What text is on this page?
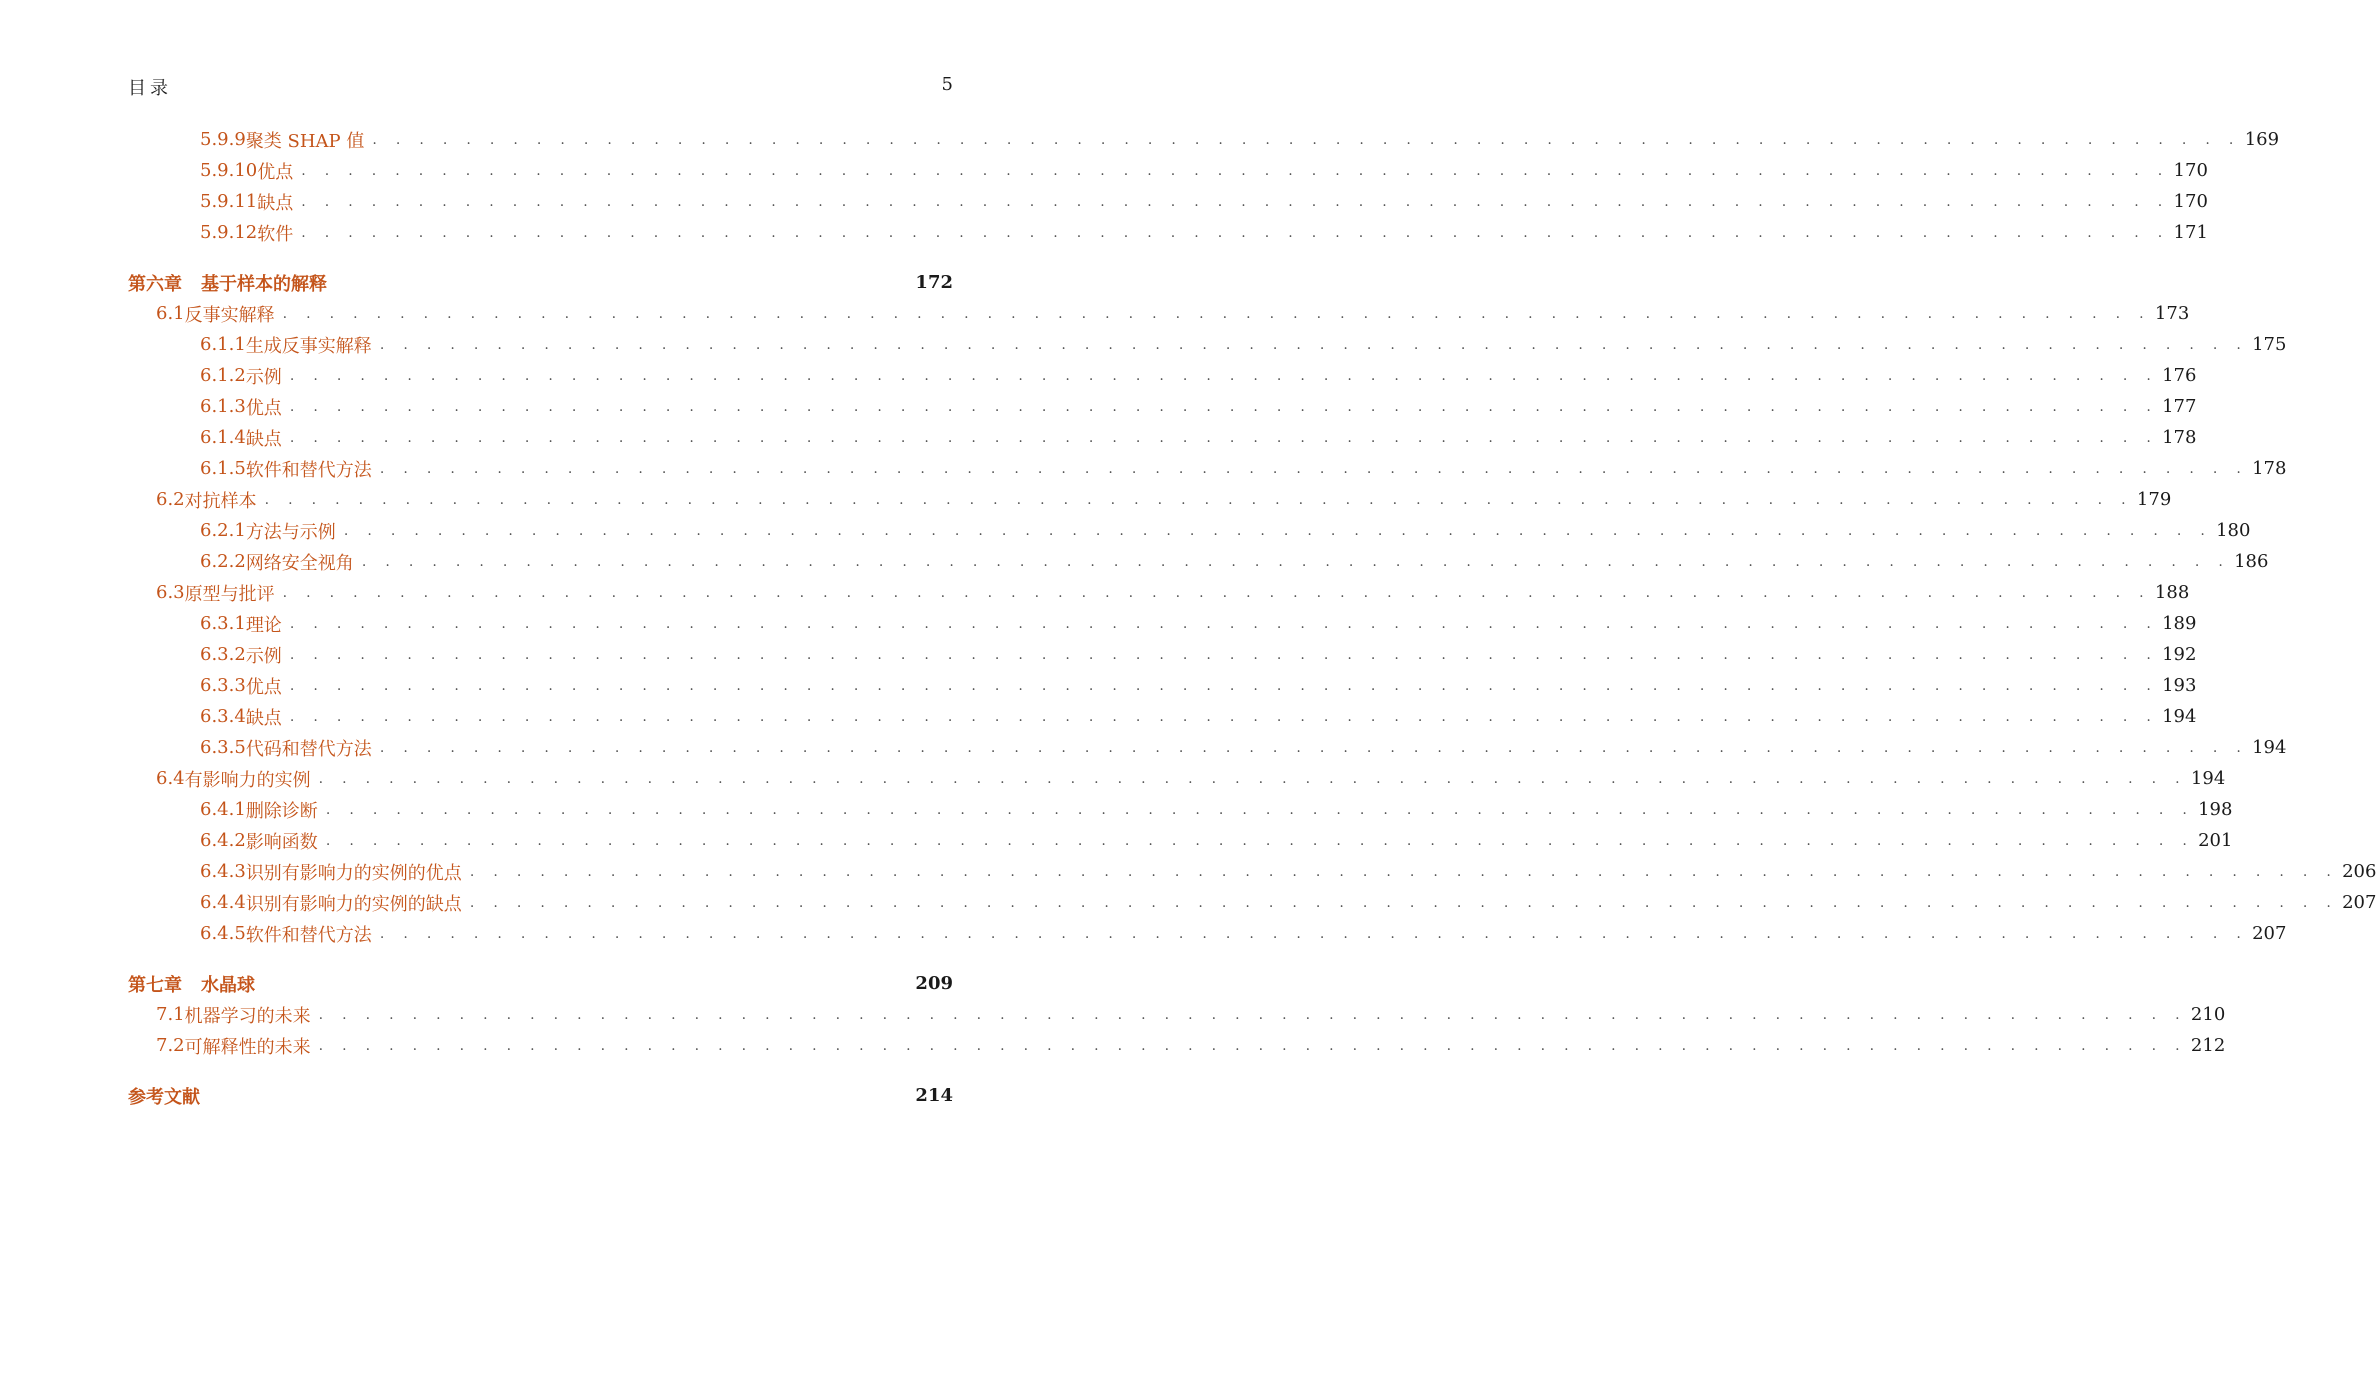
目录	5
5.9.9 聚类 SHAP 值 . . . . . . . . . . . . . . . . . . . . . . . . . . . . . . . . . . . . . . . . . . . . . . . . . . . . . . . . . . . . . . . . . . . . . . . . . . . . . . . . 169
5.9.10 优点 . . . . . . . . . . . . . . . . . . . . . . . . . . . . . . . . . . . . . . . . . . . . . . . . . . . . . . . . . . . . . . . . . . . . . . . . . . . . . . . . 170
5.9.11 缺点 . . . . . . . . . . . . . . . . . . . . . . . . . . . . . . . . . . . . . . . . . . . . . . . . . . . . . . . . . . . . . . . . . . . . . . . . . . . . . . . . 170
5.9.12 软件 . . . . . . . . . . . . . . . . . . . . . . . . . . . . . . . . . . . . . . . . . . . . . . . . . . . . . . . . . . . . . . . . . . . . . . . . . . . . . . . . 171
第六章	基于样本的解释	172
6.1 反事实解释 . . . . . . . . . . . . . . . . . . . . . . . . . . . . . . . . . . . . . . . . . . . . . . . . . . . . . . . . . . . . . . . . . . . . . . . . . . . . . . . . 173
6.1.1 生成反事实解释 . . . . . . . . . . . . . . . . . . . . . . . . . . . . . . . . . . . . . . . . . . . . . . . . . . . . . . . . . . . . . . . . . . . . . . . . . . . . . . . . 175
6.1.2 示例 . . . . . . . . . . . . . . . . . . . . . . . . . . . . . . . . . . . . . . . . . . . . . . . . . . . . . . . . . . . . . . . . . . . . . . . . . . . . . . . . 176
6.1.3 优点 . . . . . . . . . . . . . . . . . . . . . . . . . . . . . . . . . . . . . . . . . . . . . . . . . . . . . . . . . . . . . . . . . . . . . . . . . . . . . . . . 177
6.1.4 缺点 . . . . . . . . . . . . . . . . . . . . . . . . . . . . . . . . . . . . . . . . . . . . . . . . . . . . . . . . . . . . . . . . . . . . . . . . . . . . . . . . 178
6.1.5 软件和替代方法 . . . . . . . . . . . . . . . . . . . . . . . . . . . . . . . . . . . . . . . . . . . . . . . . . . . . . . . . . . . . . . . . . . . . . . . . . . . . . . . . 178
6.2 对抗样本 . . . . . . . . . . . . . . . . . . . . . . . . . . . . . . . . . . . . . . . . . . . . . . . . . . . . . . . . . . . . . . . . . . . . . . . . . . . . . . . . 179
6.2.1 方法与示例 . . . . . . . . . . . . . . . . . . . . . . . . . . . . . . . . . . . . . . . . . . . . . . . . . . . . . . . . . . . . . . . . . . . . . . . . . . . . . . . . 180
6.2.2 网络安全视角 . . . . . . . . . . . . . . . . . . . . . . . . . . . . . . . . . . . . . . . . . . . . . . . . . . . . . . . . . . . . . . . . . . . . . . . . . . . . . . . . 186
6.3 原型与批评 . . . . . . . . . . . . . . . . . . . . . . . . . . . . . . . . . . . . . . . . . . . . . . . . . . . . . . . . . . . . . . . . . . . . . . . . . . . . . . . . 188
6.3.1 理论 . . . . . . . . . . . . . . . . . . . . . . . . . . . . . . . . . . . . . . . . . . . . . . . . . . . . . . . . . . . . . . . . . . . . . . . . . . . . . . . . 189
6.3.2 示例 . . . . . . . . . . . . . . . . . . . . . . . . . . . . . . . . . . . . . . . . . . . . . . . . . . . . . . . . . . . . . . . . . . . . . . . . . . . . . . . . 192
6.3.3 优点 . . . . . . . . . . . . . . . . . . . . . . . . . . . . . . . . . . . . . . . . . . . . . . . . . . . . . . . . . . . . . . . . . . . . . . . . . . . . . . . . 193
6.3.4 缺点 . . . . . . . . . . . . . . . . . . . . . . . . . . . . . . . . . . . . . . . . . . . . . . . . . . . . . . . . . . . . . . . . . . . . . . . . . . . . . . . . 194
6.3.5 代码和替代方法 . . . . . . . . . . . . . . . . . . . . . . . . . . . . . . . . . . . . . . . . . . . . . . . . . . . . . . . . . . . . . . . . . . . . . . . . . . . . . . . . 194
6.4 有影响力的实例 . . . . . . . . . . . . . . . . . . . . . . . . . . . . . . . . . . . . . . . . . . . . . . . . . . . . . . . . . . . . . . . . . . . . . . . . . . . . . . . . 194
6.4.1 删除诊断 . . . . . . . . . . . . . . . . . . . . . . . . . . . . . . . . . . . . . . . . . . . . . . . . . . . . . . . . . . . . . . . . . . . . . . . . . . . . . . . . 198
6.4.2 影响函数 . . . . . . . . . . . . . . . . . . . . . . . . . . . . . . . . . . . . . . . . . . . . . . . . . . . . . . . . . . . . . . . . . . . . . . . . . . . . . . . . 201
6.4.3 识别有影响力的实例的优点 . . . . . . . . . . . . . . . . . . . . . . . . . . . . . . . . . . . . . . . . . . . . . . . . . . . . . . . . . . . . . . . . . . . . . . . . . . . . . . . . 206
6.4.4 识别有影响力的实例的缺点 . . . . . . . . . . . . . . . . . . . . . . . . . . . . . . . . . . . . . . . . . . . . . . . . . . . . . . . . . . . . . . . . . . . . . . . . . . . . . . . . 207
6.4.5 软件和替代方法 . . . . . . . . . . . . . . . . . . . . . . . . . . . . . . . . . . . . . . . . . . . . . . . . . . . . . . . . . . . . . . . . . . . . . . . . . . . . . . . . 207
第七章	水晶球	209
7.1 机器学习的未来 . . . . . . . . . . . . . . . . . . . . . . . . . . . . . . . . . . . . . . . . . . . . . . . . . . . . . . . . . . . . . . . . . . . . . . . . . . . . . . . . 210
7.2 可解释性的未来 . . . . . . . . . . . . . . . . . . . . . . . . . . . . . . . . . . . . . . . . . . . . . . . . . . . . . . . . . . . . . . . . . . . . . . . . . . . . . . . . 212
参考文献	214
